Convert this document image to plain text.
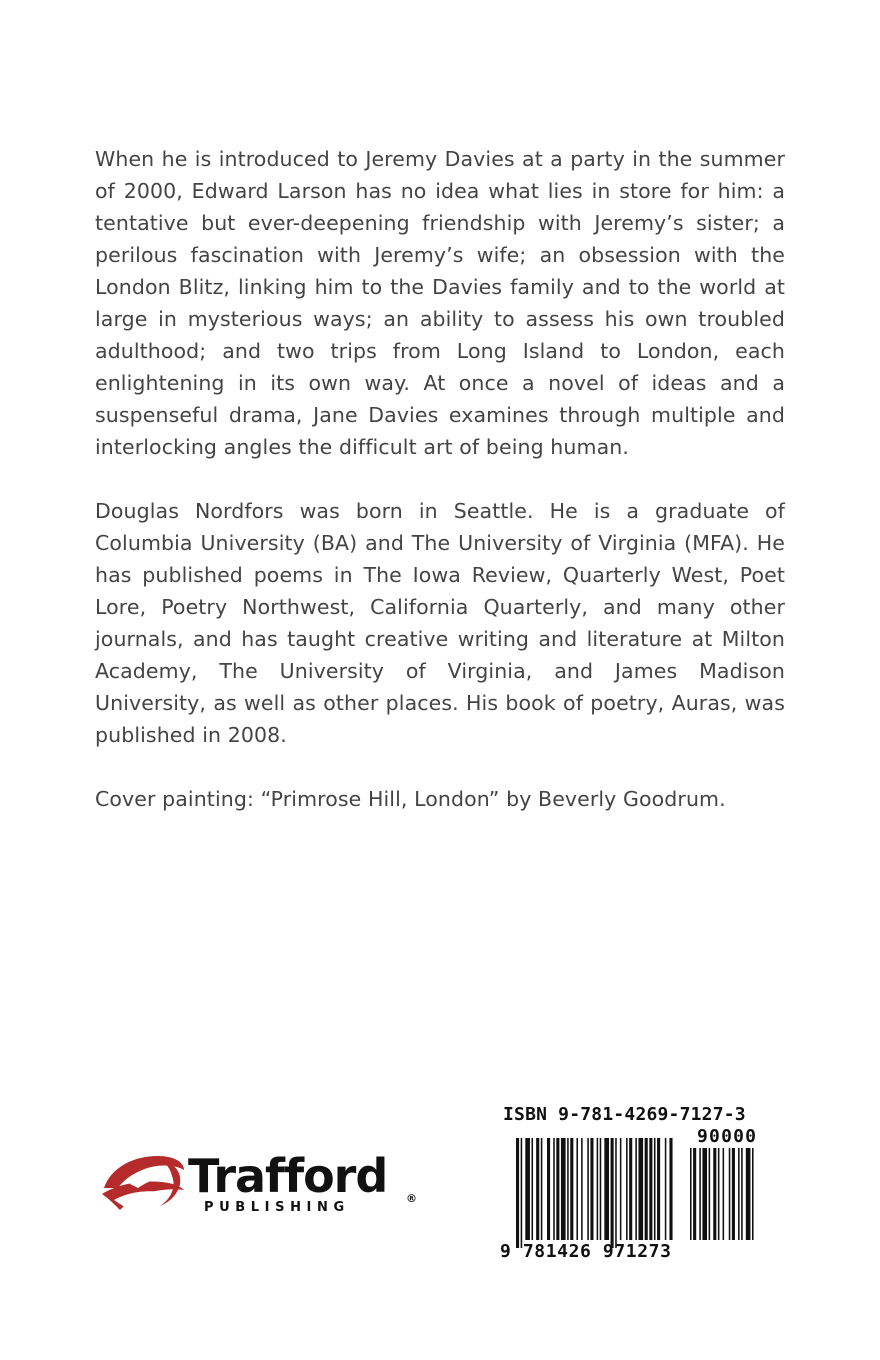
When he is introduced to Jeremy Davies at a party in the summer of 2000, Edward Larson has no idea what lies in store for him: a tentative but ever-deepening friendship with Jeremy’s sister; a perilous fascination with Jeremy’s wife; an obsession with the London Blitz, linking him to the Davies family and to the world at large in mysterious ways; an ability to assess his own troubled adulthood; and two trips from Long Island to London, each enlightening in its own way. At once a novel of ideas and a suspenseful drama, Jane Davies examines through multiple and interlocking angles the difficult art of being human.

Douglas Nordfors was born in Seattle. He is a graduate of Columbia University (BA) and The University of Virginia (MFA). He has published poems in The Iowa Review, Quarterly West, Poet Lore, Poetry Northwest, California Quarterly, and many other journals, and has taught creative writing and literature at Milton Academy, The University of Virginia, and James Madison University, as well as other places. His book of poetry, Auras, was published in 2008.

Cover painting: “Primrose Hill, London” by Beverly Goodrum.

Trafford ®
PUBLISHING
ISBN 9-781-4269-7127-3
90000
9 781426 971273
